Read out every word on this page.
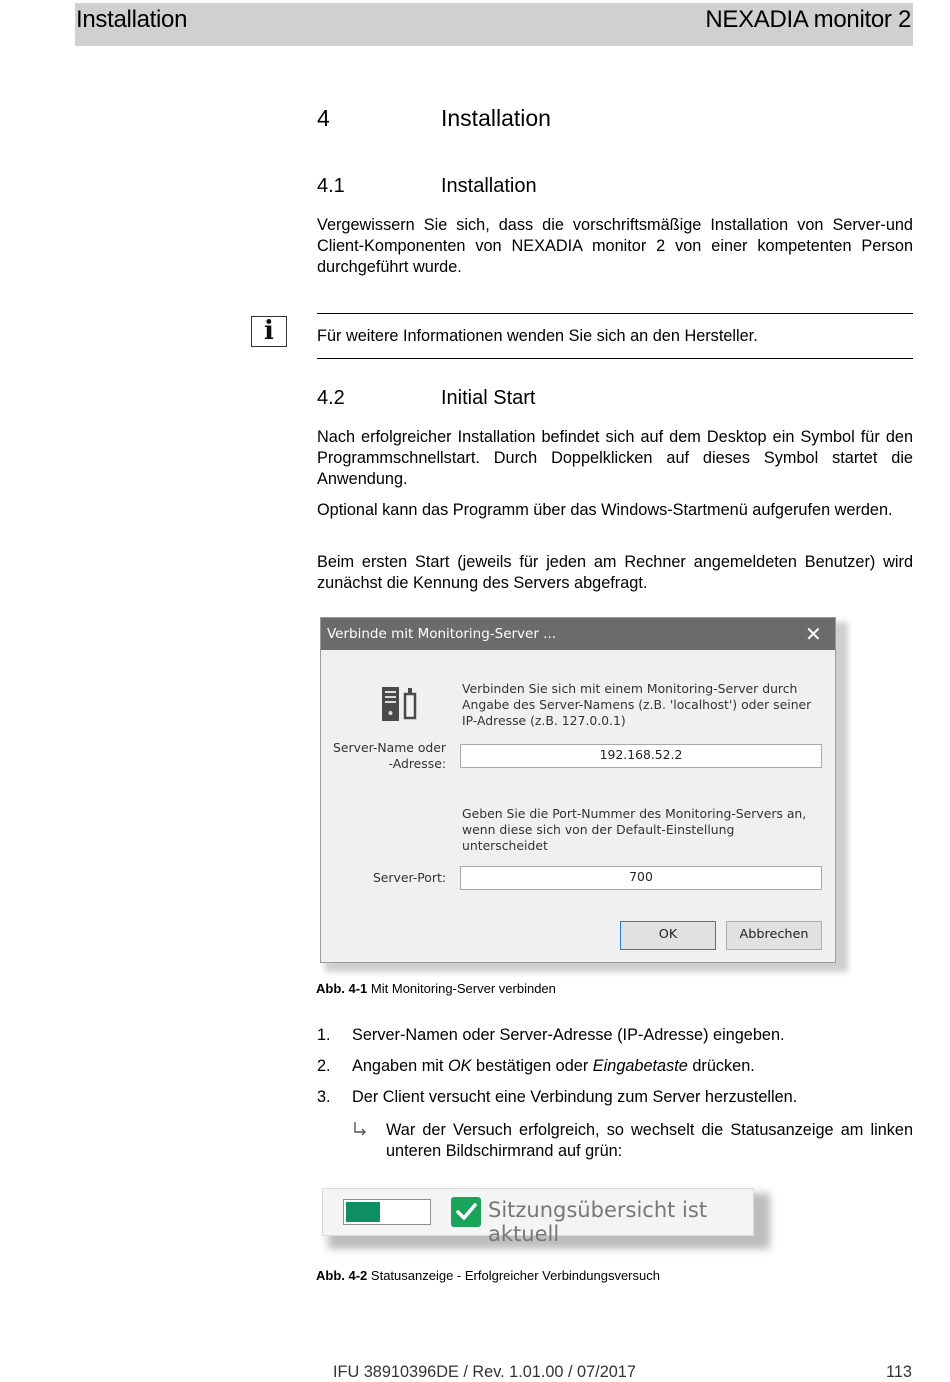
Installation	NEXADIA monitor 2
4	Installation
4.1	Installation
Vergewissern Sie sich, dass die vorschriftsmäßige Installation von Server-und Client-Komponenten von NEXADIA monitor 2 von einer kompetenten Person durchgeführt wurde.
i	Für weitere Informationen wenden Sie sich an den Hersteller.
4.2	Initial Start
Nach erfolgreicher Installation befindet sich auf dem Desktop ein Symbol für den Programmschnellstart. Durch Doppelklicken auf dieses Symbol startet die Anwendung.
Optional kann das Programm über das Windows-Startmenü aufgerufen werden.
Beim ersten Start (jeweils für jeden am Rechner angemeldeten Benutzer) wird zunächst die Kennung des Servers abgefragt.
Verbinde mit Monitoring-Server ...	✕
Verbinden Sie sich mit einem Monitoring-Server durch
Angabe des Server-Namens (z.B. 'localhost') oder seiner
IP-Adresse (z.B. 127.0.0.1)
Server-Name oder
-Adresse:
192.168.52.2
Geben Sie die Port-Nummer des Monitoring-Servers an,
wenn diese sich von der Default-Einstellung
unterscheidet
Server-Port:	700
OK	Abbrechen
Abb. 4-1 Mit Monitoring-Server verbinden
1. Server-Namen oder Server-Adresse (IP-Adresse) eingeben.
2. Angaben mit OK bestätigen oder Eingabetaste drücken.
3. Der Client versucht eine Verbindung zum Server herzustellen.
War der Versuch erfolgreich, so wechselt die Statusanzeige am linken unteren Bildschirmrand auf grün:
Sitzungsübersicht ist aktuell
Abb. 4-2 Statusanzeige - Erfolgreicher Verbindungsversuch
IFU 38910396DE / Rev. 1.01.00 / 07/2017	113
